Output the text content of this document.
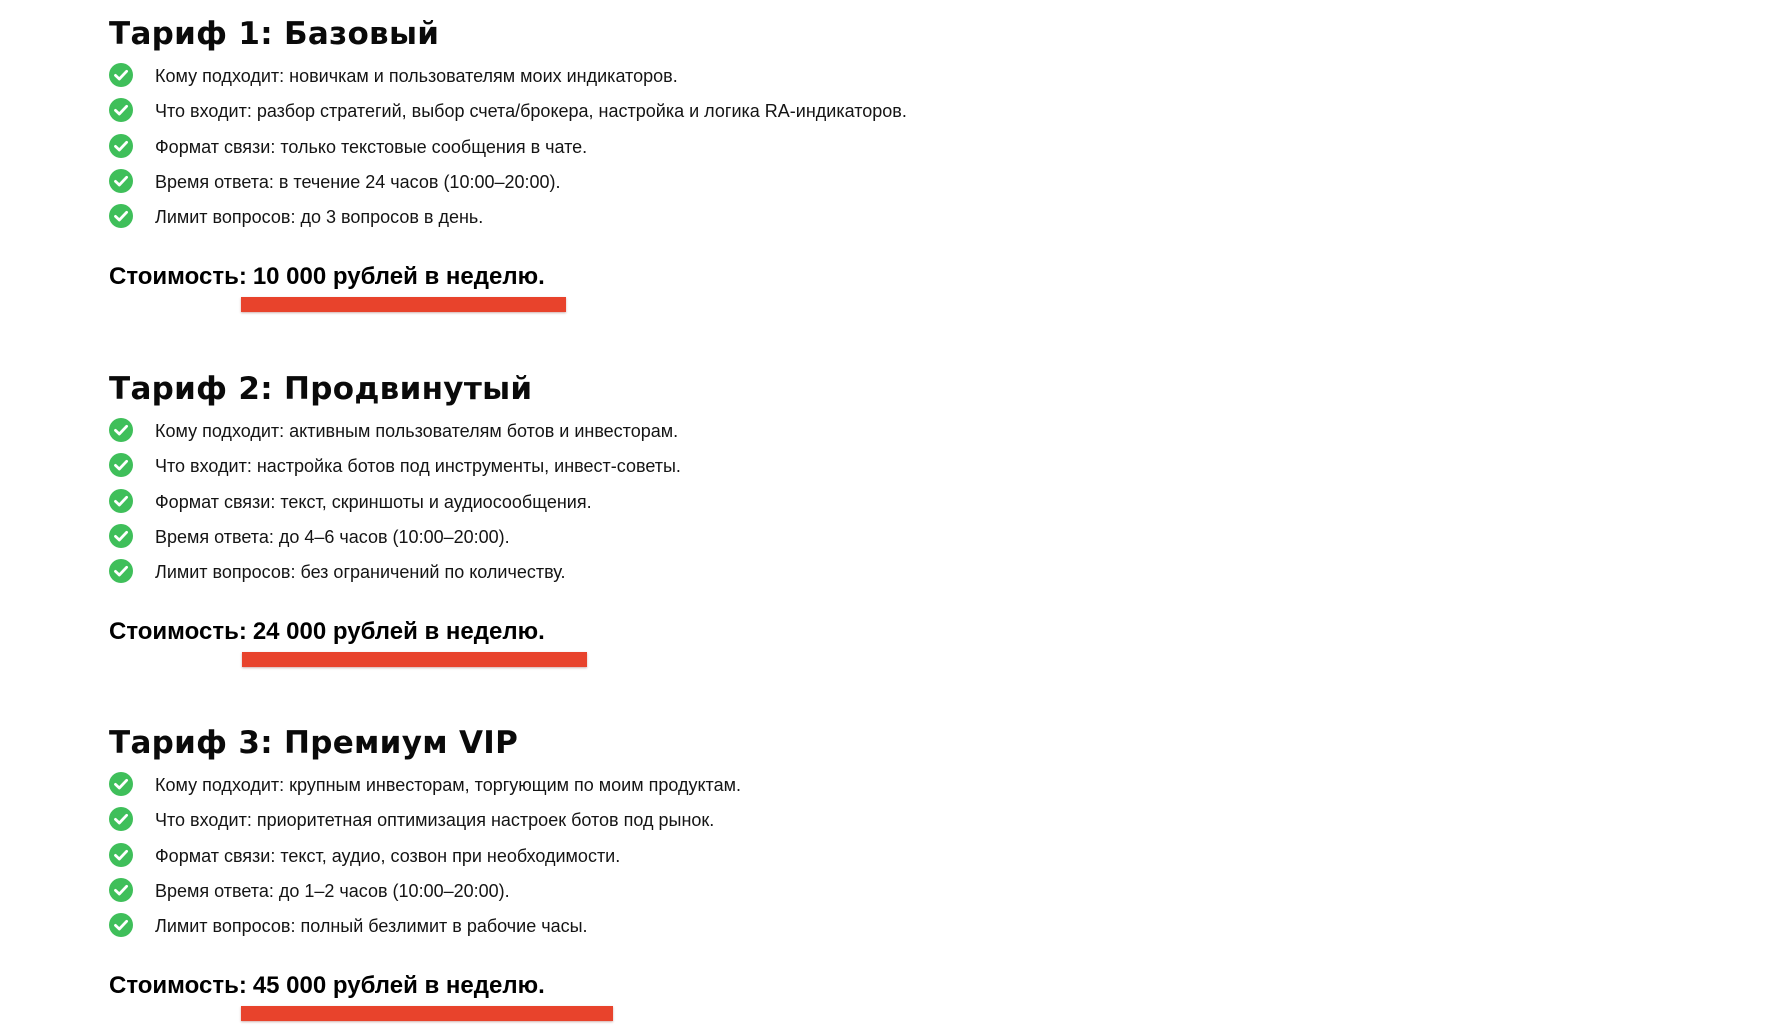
Тариф 1: Базовый
Кому подходит: новичкам и пользователям моих индикаторов.
Что входит: разбор стратегий, выбор счета/брокера, настройка и логика RA-индикаторов.
Формат связи: только текстовые сообщения в чате.
Время ответа: в течение 24 часов (10:00–20:00).
Лимит вопросов: до 3 вопросов в день.

Стоимость: 10 000 рублей в неделю.

Тариф 2: Продвинутый
Кому подходит: активным пользователям ботов и инвесторам.
Что входит: настройка ботов под инструменты, инвест-советы.
Формат связи: текст, скриншоты и аудиосообщения.
Время ответа: до 4–6 часов (10:00–20:00).
Лимит вопросов: без ограничений по количеству.

Стоимость: 24 000 рублей в неделю.

Тариф 3: Премиум VIP
Кому подходит: крупным инвесторам, торгующим по моим продуктам.
Что входит: приоритетная оптимизация настроек ботов под рынок.
Формат связи: текст, аудио, созвон при необходимости.
Время ответа: до 1–2 часов (10:00–20:00).
Лимит вопросов: полный безлимит в рабочие часы.

Стоимость: 45 000 рублей в неделю.
